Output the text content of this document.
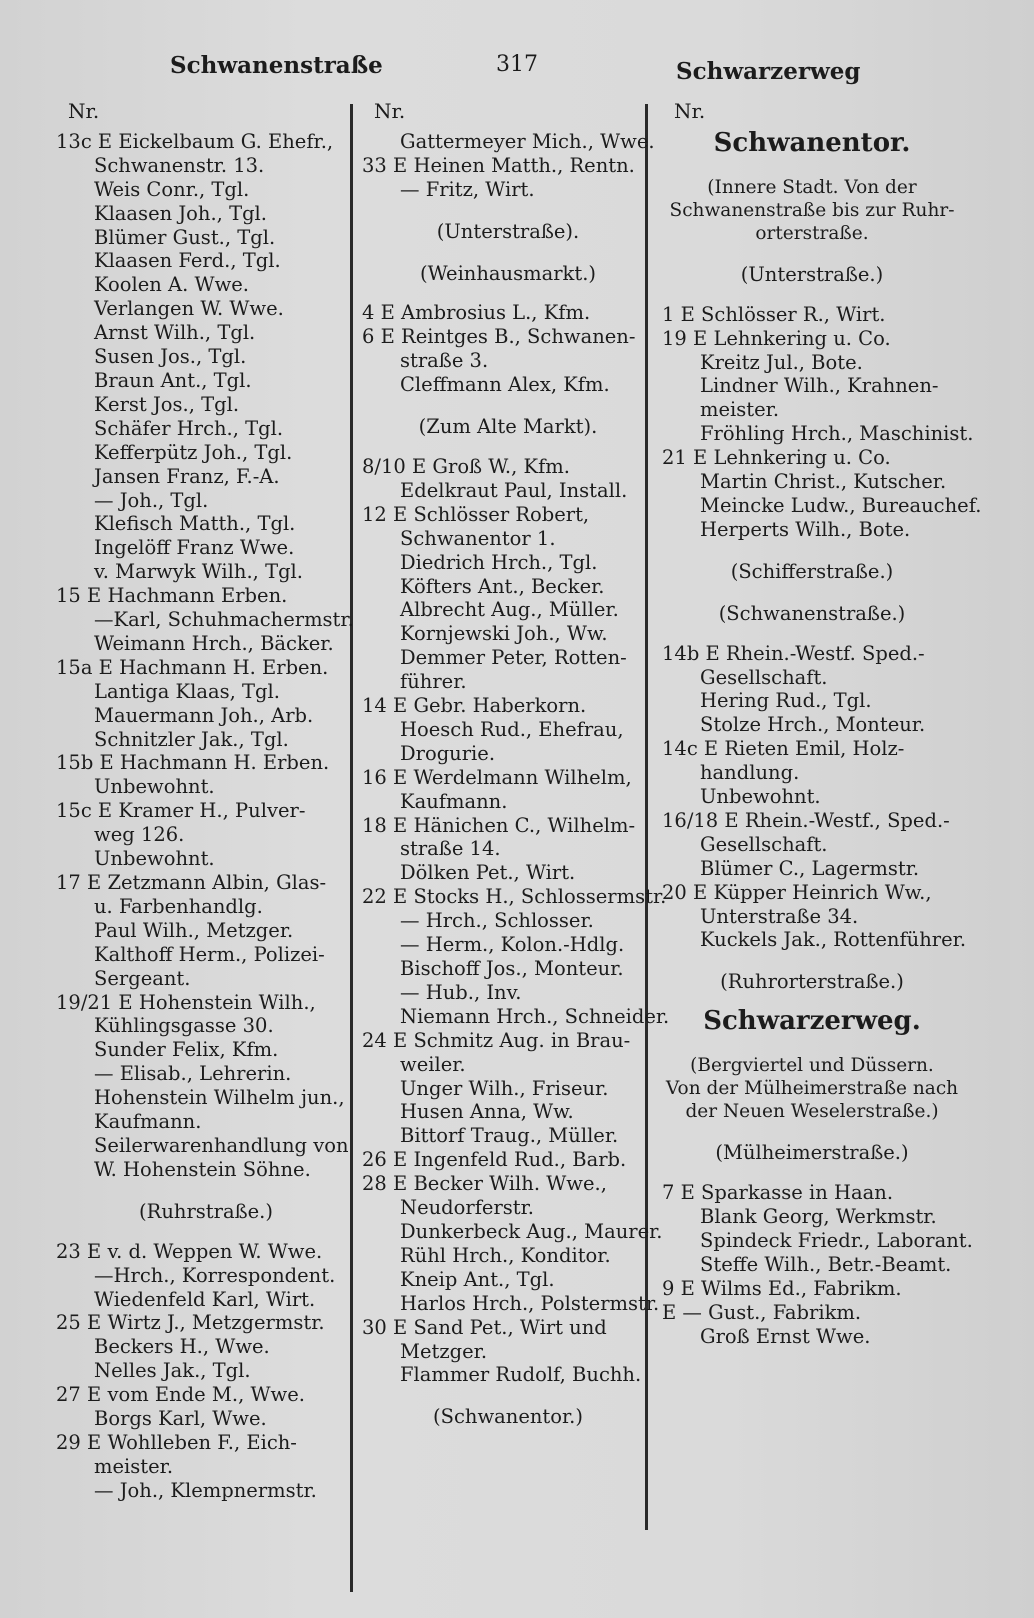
Schwanenstraße	317	Schwarzerweg
Nr.
13c E Eickelbaum G. Ehefr.,
Schwanenstr. 13.
Weis Conr., Tgl.
Klaasen Joh., Tgl.
Blümer Gust., Tgl.
Klaasen Ferd., Tgl.
Koolen A. Wwe.
Verlangen W. Wwe.
Arnst Wilh., Tgl.
Susen Jos., Tgl.
Braun Ant., Tgl.
Kerst Jos., Tgl.
Schäfer Hrch., Tgl.
Kefferpütz Joh., Tgl.
Jansen Franz, F.-A.
— Joh., Tgl.
Klefisch Matth., Tgl.
Ingelöff Franz Wwe.
v. Marwyk Wilh., Tgl.
15 E Hachmann Erben.
—Karl, Schuhmachermstr.
Weimann Hrch., Bäcker.
15a E Hachmann H. Erben.
Lantiga Klaas, Tgl.
Mauermann Joh., Arb.
Schnitzler Jak., Tgl.
15b E Hachmann H. Erben.
Unbewohnt.
15c E Kramer H., Pulver-
weg 126.
Unbewohnt.
17 E Zetzmann Albin, Glas-
u. Farbenhandlg.
Paul Wilh., Metzger.
Kalthoff Herm., Polizei-
Sergeant.
19/21 E Hohenstein Wilh.,
Kühlingsgasse 30.
Sunder Felix, Kfm.
— Elisab., Lehrerin.
Hohenstein Wilhelm jun.,
Kaufmann.
Seilerwarenhandlung von
W. Hohenstein Söhne.
(Ruhrstraße.)
23 E v. d. Weppen W. Wwe.
—Hrch., Korrespondent.
Wiedenfeld Karl, Wirt.
25 E Wirtz J., Metzgermstr.
Beckers H., Wwe.
Nelles Jak., Tgl.
27 E vom Ende M., Wwe.
Borgs Karl, Wwe.
29 E Wohlleben F., Eich-
meister.
— Joh., Klempnermstr.
Nr.
Gattermeyer Mich., Wwe.
33 E Heinen Matth., Rentn.
— Fritz, Wirt.
(Unterstraße).
(Weinhausmarkt.)
4 E Ambrosius L., Kfm.
6 E Reintges B., Schwanen-
straße 3.
Cleffmann Alex, Kfm.
(Zum Alte Markt).
8/10 E Groß W., Kfm.
Edelkraut Paul, Install.
12 E Schlösser Robert,
Schwanentor 1.
Diedrich Hrch., Tgl.
Köfters Ant., Becker.
Albrecht Aug., Müller.
Kornjewski Joh., Ww.
Demmer Peter, Rotten-
führer.
14 E Gebr. Haberkorn.
Hoesch Rud., Ehefrau,
Drogurie.
16 E Werdelmann Wilhelm,
Kaufmann.
18 E Hänichen C., Wilhelm-
straße 14.
Dölken Pet., Wirt.
22 E Stocks H., Schlossermstr.
— Hrch., Schlosser.
— Herm., Kolon.-Hdlg.
Bischoff Jos., Monteur.
— Hub., Inv.
Niemann Hrch., Schneider.
24 E Schmitz Aug. in Brau-
weiler.
Unger Wilh., Friseur.
Husen Anna, Ww.
Bittorf Traug., Müller.
26 E Ingenfeld Rud., Barb.
28 E Becker Wilh. Wwe.,
Neudorferstr.
Dunkerbeck Aug., Maurer.
Rühl Hrch., Konditor.
Kneip Ant., Tgl.
Harlos Hrch., Polstermstr.
30 E Sand Pet., Wirt und
Metzger.
Flammer Rudolf, Buchh.
(Schwanentor.)
Nr.
Schwanentor.
(Innere Stadt. Von der
Schwanenstraße bis zur Ruhr-
orterstraße.
(Unterstraße.)
1 E Schlösser R., Wirt.
19 E Lehnkering u. Co.
Kreitz Jul., Bote.
Lindner Wilh., Krahnen-
meister.
Fröhling Hrch., Maschinist.
21 E Lehnkering u. Co.
Martin Christ., Kutscher.
Meincke Ludw., Bureauchef.
Herperts Wilh., Bote.
(Schifferstraße.)
(Schwanenstraße.)
14b E Rhein.-Westf. Sped.-
Gesellschaft.
Hering Rud., Tgl.
Stolze Hrch., Monteur.
14c E Rieten Emil, Holz-
handlung.
Unbewohnt.
16/18 E Rhein.-Westf., Sped.-
Gesellschaft.
Blümer C., Lagermstr.
20 E Küpper Heinrich Ww.,
Unterstraße 34.
Kuckels Jak., Rottenführer.
(Ruhrorterstraße.)
Schwarzerweg.
(Bergviertel und Düssern.
Von der Mülheimerstraße nach
der Neuen Weselerstraße.)
(Mülheimerstraße.)
7 E Sparkasse in Haan.
Blank Georg, Werkmstr.
Spindeck Friedr., Laborant.
Steffe Wilh., Betr.-Beamt.
9 E Wilms Ed., Fabrikm.
E — Gust., Fabrikm.
Groß Ernst Wwe.
